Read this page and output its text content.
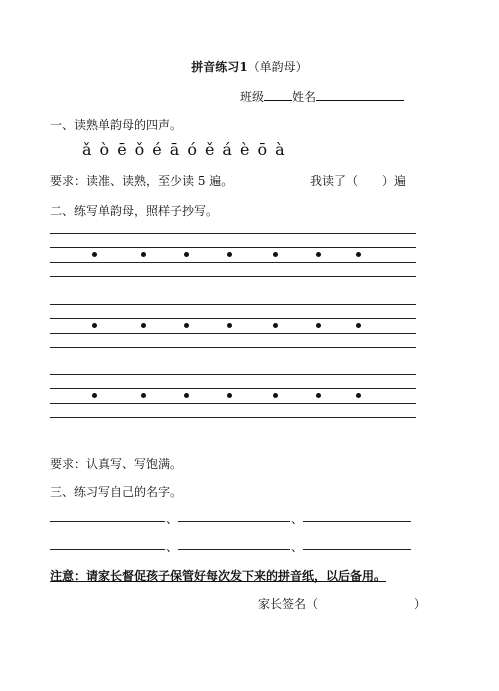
拼音练习1（单韵母）
班级 姓名
一、读熟单韵母的四声。
ǎ ò ē ǒ é ā ó ě á è ō à
要求：读准、读熟，至少读 5 遍。	我读了（　　）遍
二、练写单韵母，照样子抄写。
要求：认真写、写饱满。
三、练习写自己的名字。
、	、
、	、
注意：请家长督促孩子保管好每次发下来的拼音纸，以后备用。
家长签名（　　　　　　　　）
